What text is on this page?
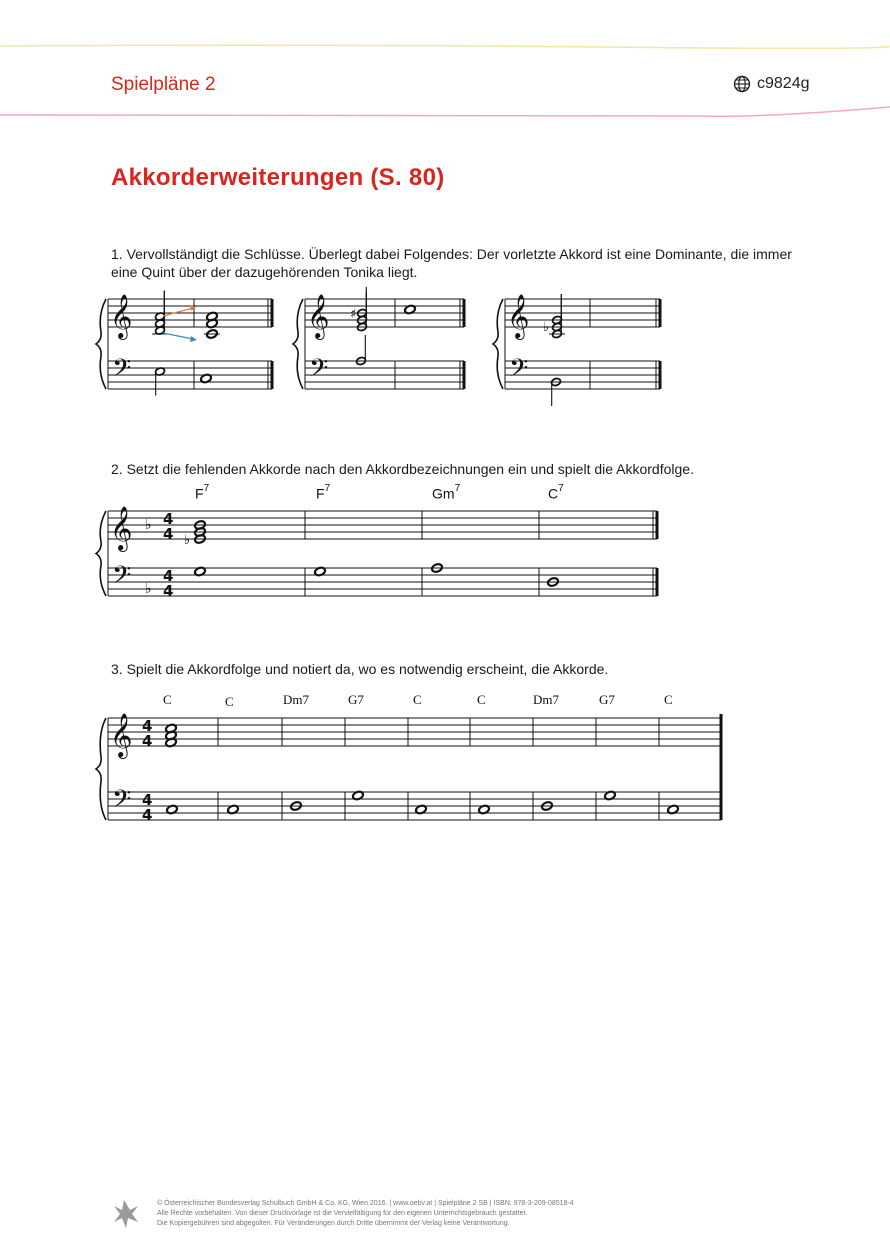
Spielpläne 2	c9824g
Akkorderweiterungen (S. 80)
1. Vervollständigt die Schlüsse. Überlegt dabei Folgendes: Der vorletzte Akkord ist eine Dominante, die immer eine Quint über der dazugehörenden Tonika liegt.
2. Setzt die fehlenden Akkorde nach den Akkordbezeichnungen ein und spielt die Akkordfolge.
3. Spielt die Akkordfolge und notiert da, wo es notwendig erscheint, die Akkorde.
𝄞
𝄢
𝄞
𝄢
𝄞
𝄢
♯
♭
𝄞
𝄢
♭
♭
4
4
4
4
♭
$F^7$	$F^7$	Gm$^7$	$C^7$
𝄞
𝄢
4
4
4
4
C	C	Dm7	G7	C	C	Dm7	G7	C
© Österreichischer Bundesverlag Schulbuch GmbH & Co. KG, Wien 2016. | www.oebv.at | Spielpläne 2 SB | ISBN: 978-3-209-08518-4
Alle Rechte vorbehalten. Von dieser Druckvorlage ist die Vervielfältigung für den eigenen Unterrichtsgebrauch gestattet.
Die Kopiergebühren sind abgegolten. Für Veränderungen durch Dritte übernimmt der Verlag keine Verantwortung.
